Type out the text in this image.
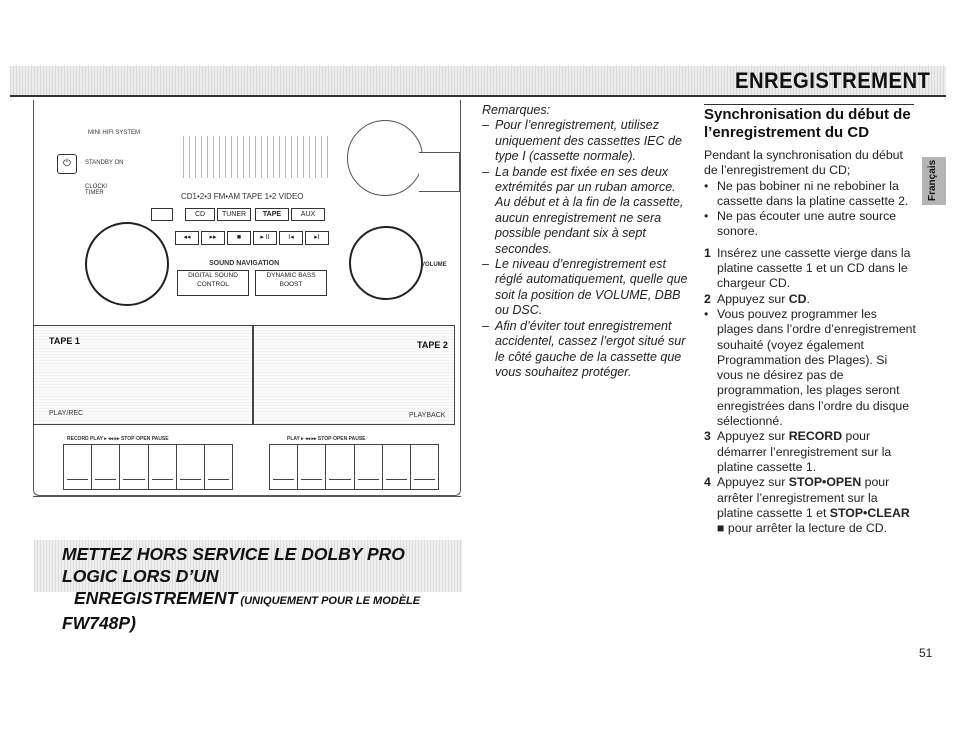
ENREGISTREMENT
MINI HIFI SYSTEM
⏻	STANDBY ON
CLOCK/ TIMER	CD1•2•3 FM•AM TAPE 1•2 VIDEO
CD	TUNER	TAPE	AUX
◂◂	▸▸	■	▸ II	I◂	▸I
SOUND NAVIGATION	VOLUME
DIGITAL SOUND CONTROL
DYNAMIC BASS BOOST
TAPE 1	TAPE 2
PLAY/REC	PLAYBACK
RECORD PLAY ▸ ◂◂ ▸▸ STOP·OPEN PAUSE	PLAY ▸ ◂◂ ▸▸ STOP·OPEN PAUSE

Remarques:

– Pour l’enregistrement, utilisez uniquement des cassettes IEC de type I (cassette normale).
– La bande est fixée en ses deux extrémités par un ruban amorce. Au début et à la fin de la cassette, aucun enregistrement ne sera possible pendant six à sept secondes.
– Le niveau d’enregistrement est réglé automatiquement, quelle que soit la position de VOLUME, DBB ou DSC.
– Afin d’éviter tout enregistrement accidentel, cassez l’ergot situé sur le côté gauche de la cassette que vous souhaitez protéger.
Synchronisation du début de l’enregistrement du CD

Pendant la synchronisation du début de l’enregistrement du CD;

• Ne pas bobiner ni ne rebobiner la cassette dans la platine cassette 2.
• Ne pas écouter une autre source sonore.
1 Insérez une cassette vierge dans la platine cassette 1 et un CD dans le chargeur CD.
2 Appuyez sur CD.
• Vous pouvez programmer les plages dans l’ordre d’enregistrement souhaité (voyez également Programmation des Plages). Si vous ne désirez pas de programmation, les plages seront enregistrées dans l’ordre du disque sélectionné.
3 Appuyez sur RECORD pour démarrer l’enregistrement sur la platine cassette 1.
4 Appuyez sur STOP•OPEN pour arrêter l’enregistrement sur la platine cassette 1 et STOP•CLEAR ■ pour arrêter la lecture de CD.
Français
METTEZ HORS SERVICE LE DOLBY PRO LOGIC LORS D’UN
ENREGISTREMENT (UNIQUEMENT POUR LE MODÈLE FW748P)
51
